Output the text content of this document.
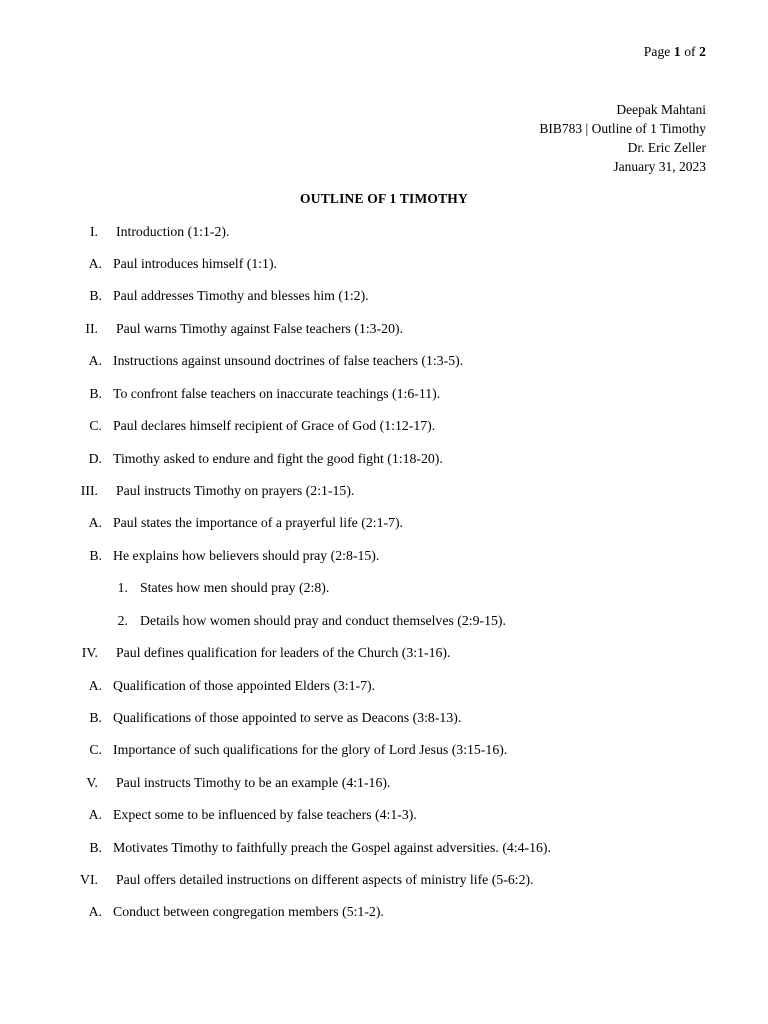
Page 1 of 2
Deepak Mahtani
BIB783 | Outline of 1 Timothy
Dr. Eric Zeller
January 31, 2023
OUTLINE OF 1 TIMOTHY
I. Introduction (1:1-2).
A. Paul introduces himself (1:1).
B. Paul addresses Timothy and blesses him (1:2).
II. Paul warns Timothy against False teachers (1:3-20).
A. Instructions against unsound doctrines of false teachers (1:3-5).
B. To confront false teachers on inaccurate teachings (1:6-11).
C. Paul declares himself recipient of Grace of God (1:12-17).
D. Timothy asked to endure and fight the good fight (1:18-20).
III. Paul instructs Timothy on prayers (2:1-15).
A. Paul states the importance of a prayerful life (2:1-7).
B. He explains how believers should pray (2:8-15).
1. States how men should pray (2:8).
2. Details how women should pray and conduct themselves (2:9-15).
IV. Paul defines qualification for leaders of the Church (3:1-16).
A. Qualification of those appointed Elders (3:1-7).
B. Qualifications of those appointed to serve as Deacons (3:8-13).
C. Importance of such qualifications for the glory of Lord Jesus (3:15-16).
V. Paul instructs Timothy to be an example (4:1-16).
A. Expect some to be influenced by false teachers (4:1-3).
B. Motivates Timothy to faithfully preach the Gospel against adversities. (4:4-16).
VI. Paul offers detailed instructions on different aspects of ministry life (5-6:2).
A. Conduct between congregation members (5:1-2).
